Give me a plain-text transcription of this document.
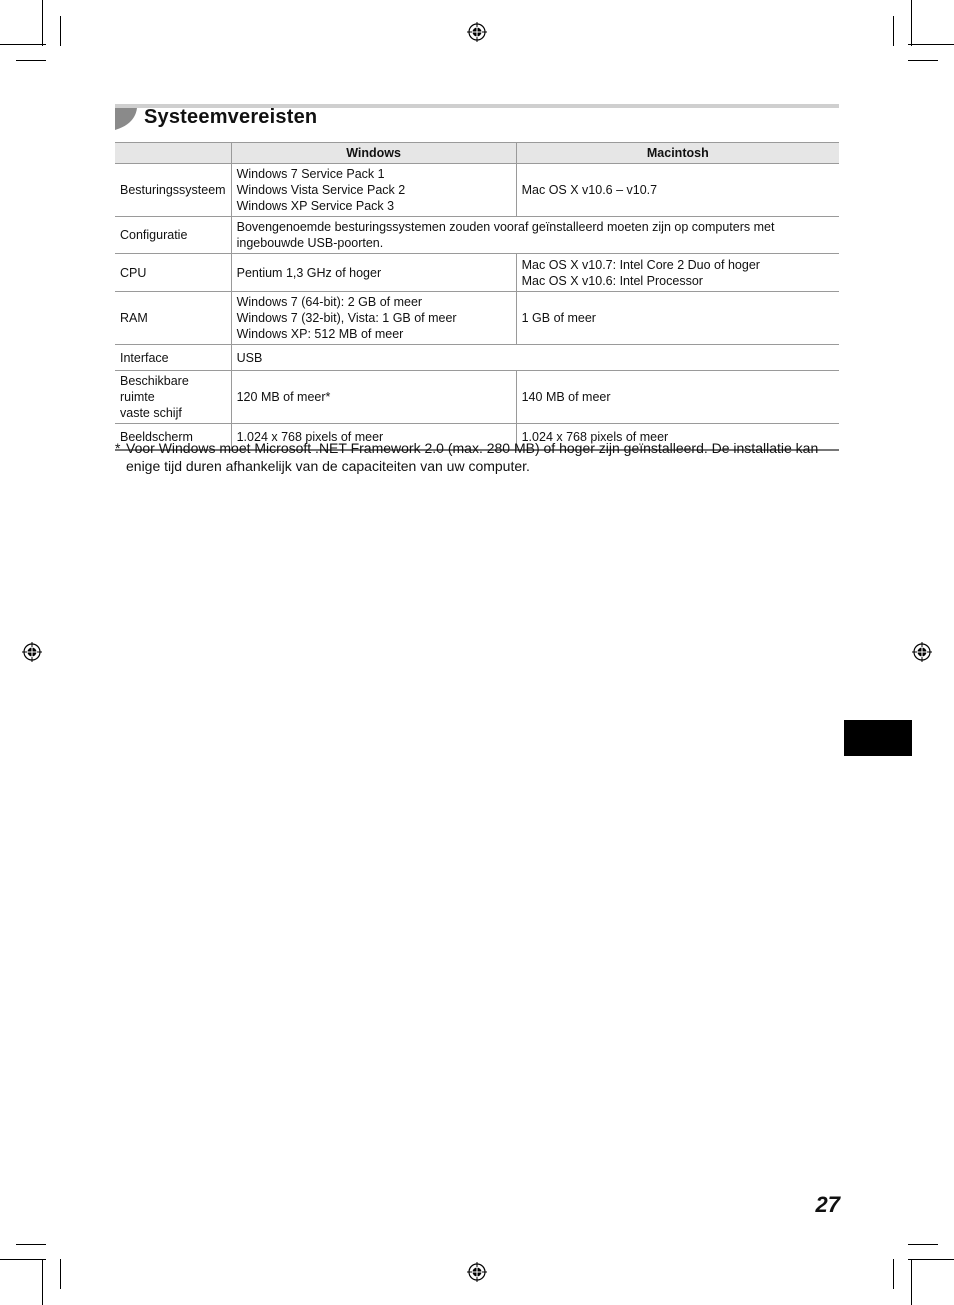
Systeemvereisten
	Windows	Macintosh
Besturingssysteem	Windows 7 Service Pack 1
Windows Vista Service Pack 2
Windows XP Service Pack 3	Mac OS X v10.6 – v10.7

Configuratie	Bovengenoemde besturingssystemen zouden vooraf geïnstalleerd moeten zijn op computers met
ingebouwde USB-poorten.	

CPU	Pentium 1,3 GHz of hoger	Mac OS X v10.7: Intel Core 2 Duo of hoger
Mac OS X v10.6: Intel Processor

RAM	Windows 7 (64-bit): 2 GB of meer
Windows 7 (32-bit), Vista: 1 GB of meer
Windows XP: 512 MB of meer	1 GB of meer

Interface	USB	

Beschikbare ruimte
vaste schijf	120 MB of meer*	140 MB of meer

Beeldscherm	1.024 x 768 pixels of meer	1.024 x 768 pixels of meer
* Voor Windows moet Microsoft .NET Framework 2.0 (max. 280 MB) of hoger zijn geïnstalleerd. De installatie kan
enige tijd duren afhankelijk van de capaciteiten van uw computer.
27
